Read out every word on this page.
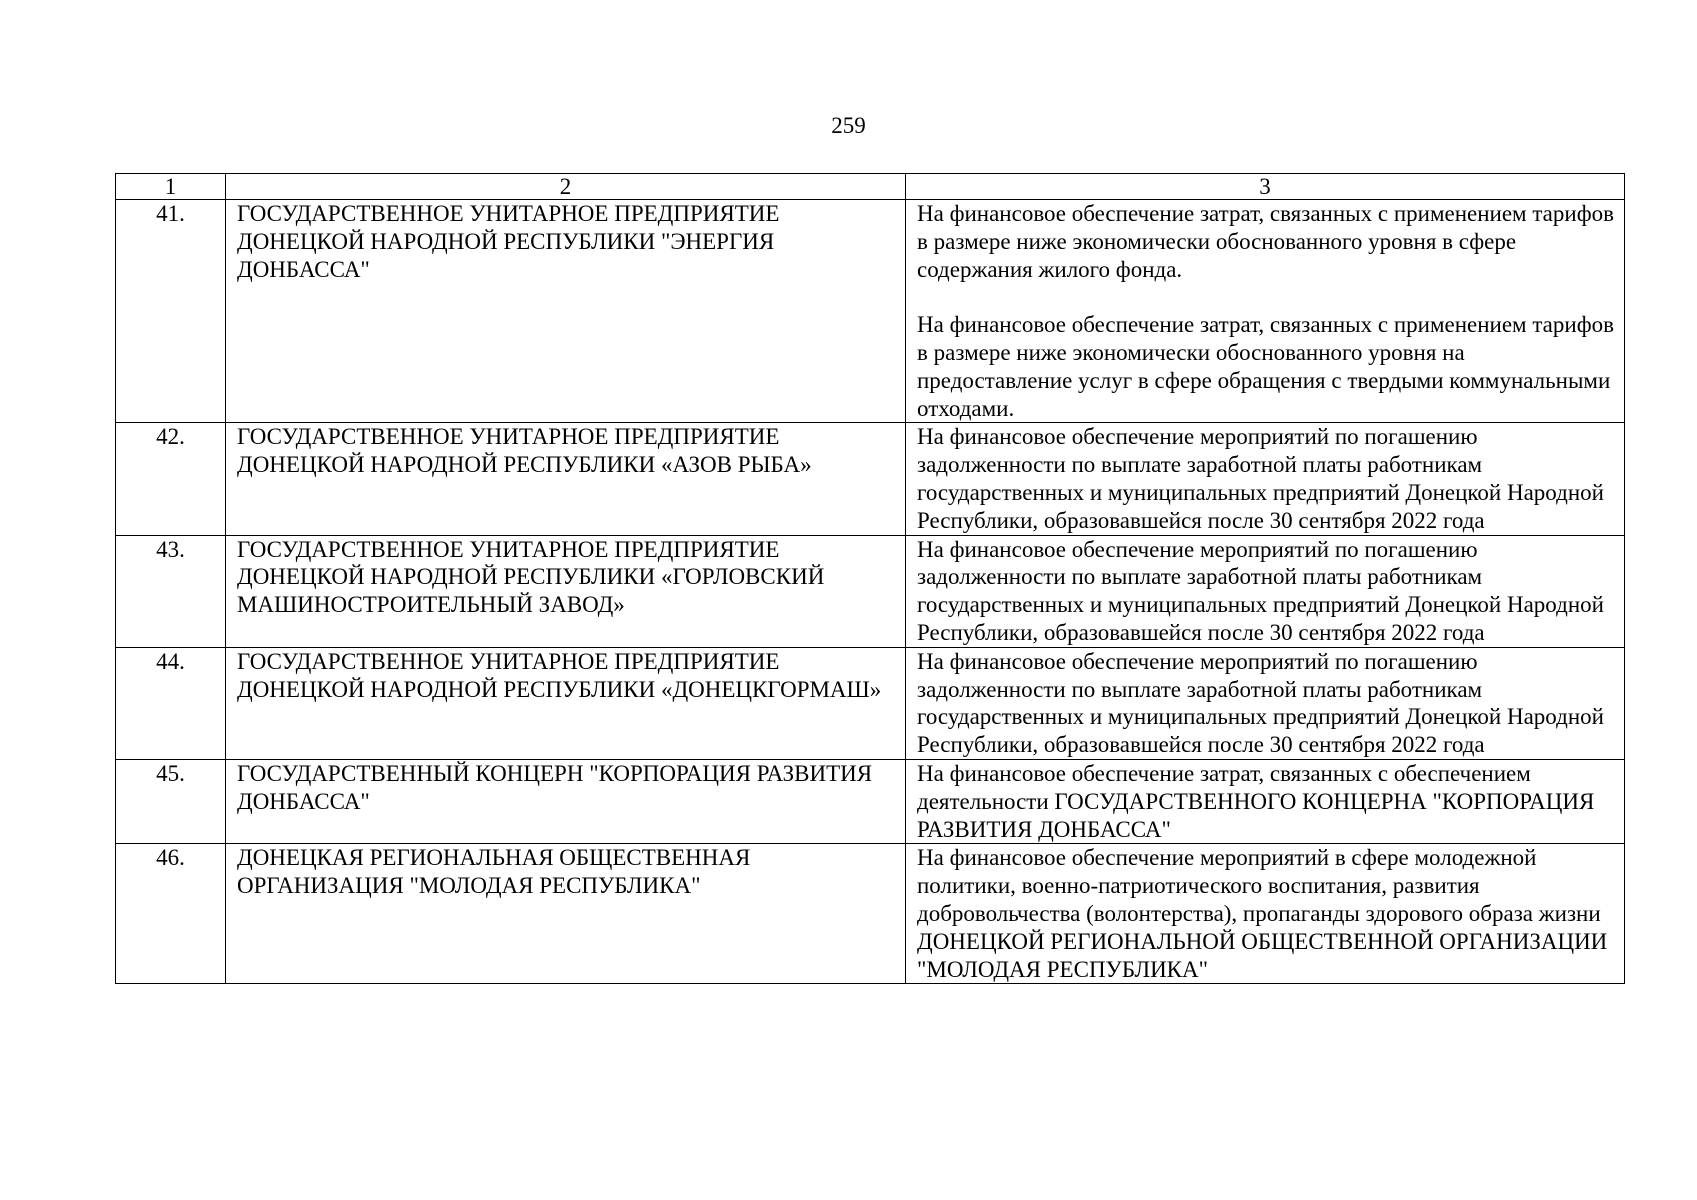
259
1	2	3
41.	ГОСУДАРСТВЕННОЕ УНИТАРНОЕ ПРЕДПРИЯТИЕ ДОНЕЦКОЙ НАРОДНОЙ РЕСПУБЛИКИ "ЭНЕРГИЯ ДОНБАССА"	На финансовое обеспечение затрат, связанных с применением тарифов в размере ниже экономически обоснованного уровня в сфере содержания жилого фонда.
На финансовое обеспечение затрат, связанных с применением тарифов в размере ниже экономически обоснованного уровня на предоставление услуг в сфере обращения с твердыми коммунальными отходами.

42.	ГОСУДАРСТВЕННОЕ УНИТАРНОЕ ПРЕДПРИЯТИЕ ДОНЕЦКОЙ НАРОДНОЙ РЕСПУБЛИКИ «АЗОВ РЫБА»	На финансовое обеспечение мероприятий по погашению задолженности по выплате заработной платы работникам государственных и муниципальных предприятий Донецкой Народной Республики, образовавшейся после 30 сентября 2022 года

43.	ГОСУДАРСТВЕННОЕ УНИТАРНОЕ ПРЕДПРИЯТИЕ ДОНЕЦКОЙ НАРОДНОЙ РЕСПУБЛИКИ «ГОРЛОВСКИЙ МАШИНОСТРОИТЕЛЬНЫЙ ЗАВОД»	На финансовое обеспечение мероприятий по погашению задолженности по выплате заработной платы работникам государственных и муниципальных предприятий Донецкой Народной Республики, образовавшейся после 30 сентября 2022 года

44.	ГОСУДАРСТВЕННОЕ УНИТАРНОЕ ПРЕДПРИЯТИЕ ДОНЕЦКОЙ НАРОДНОЙ РЕСПУБЛИКИ «ДОНЕЦКГОРМАШ»	На финансовое обеспечение мероприятий по погашению задолженности по выплате заработной платы работникам государственных и муниципальных предприятий Донецкой Народной Республики, образовавшейся после 30 сентября 2022 года

45.	ГОСУДАРСТВЕННЫЙ КОНЦЕРН "КОРПОРАЦИЯ РАЗВИТИЯ ДОНБАССА"	На финансовое обеспечение затрат, связанных с обеспечением деятельности ГОСУДАРСТВЕННОГО КОНЦЕРНА "КОРПОРАЦИЯ РАЗВИТИЯ ДОНБАССА"

46.	ДОНЕЦКАЯ РЕГИОНАЛЬНАЯ ОБЩЕСТВЕННАЯ ОРГАНИЗАЦИЯ "МОЛОДАЯ РЕСПУБЛИКА"	На финансовое обеспечение мероприятий в сфере молодежной политики, военно-патриотического воспитания, развития добровольчества (волонтерства), пропаганды здорового образа жизни ДОНЕЦКОЙ РЕГИОНАЛЬНОЙ ОБЩЕСТВЕННОЙ ОРГАНИЗАЦИИ "МОЛОДАЯ РЕСПУБЛИКА"
